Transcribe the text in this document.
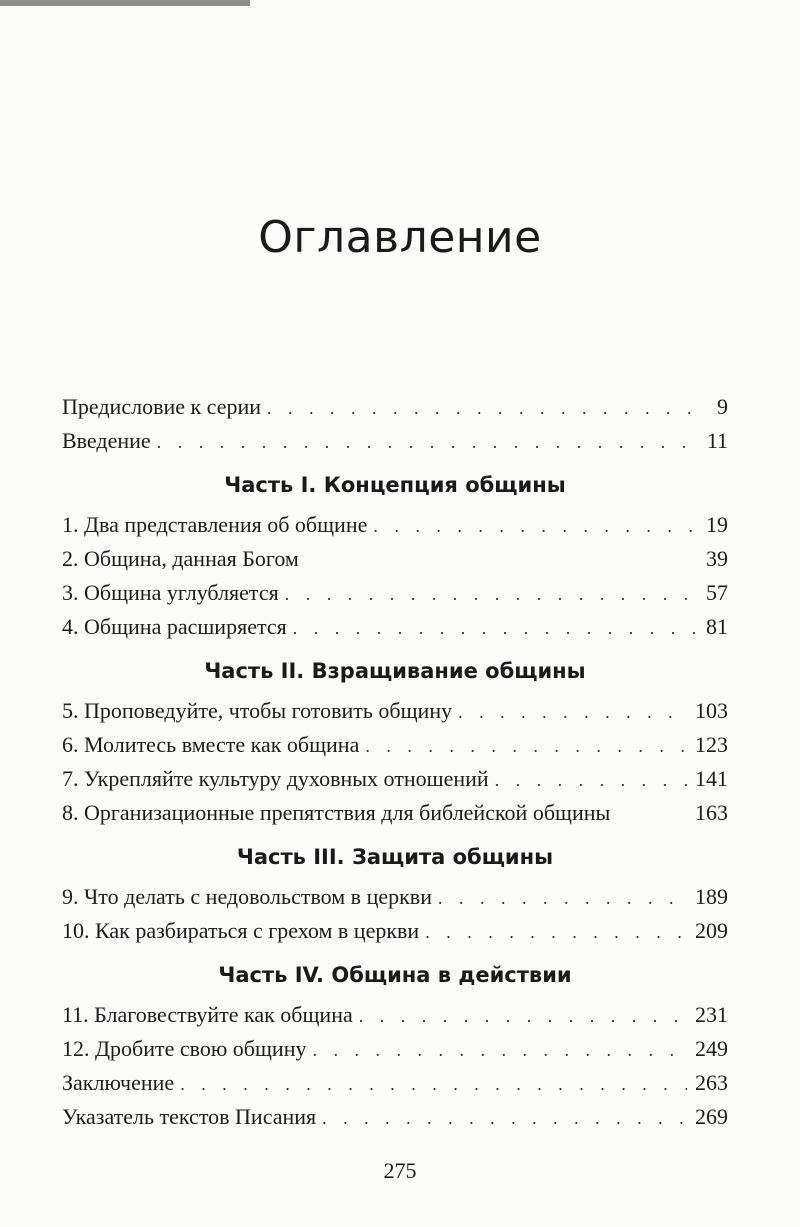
Оглавление
Предисловие к серии . . .	9
Введение . . .	11
Часть I. Концепция общины
1. Два представления об общине . . .	19
2. Община, данная Богом	39
3. Община углубляется . . .	57
4. Община расширяется . . .	81
Часть II. Взращивание общины
5. Проповедуйте, чтобы готовить общину . . .	103
6. Молитесь вместе как община . . .	123
7. Укрепляйте культуру духовных отношений . . .	141
8. Организационные препятствия для библейской общины	163
Часть III. Защита общины
9. Что делать с недовольством в церкви . . .	189
10. Как разбираться с грехом в церкви . . .	209
Часть IV. Община в действии
11. Благовествуйте как община . . .	231
12. Дробите свою общину . . .	249
Заключение . . .	263
Указатель текстов Писания . . .	269
275
